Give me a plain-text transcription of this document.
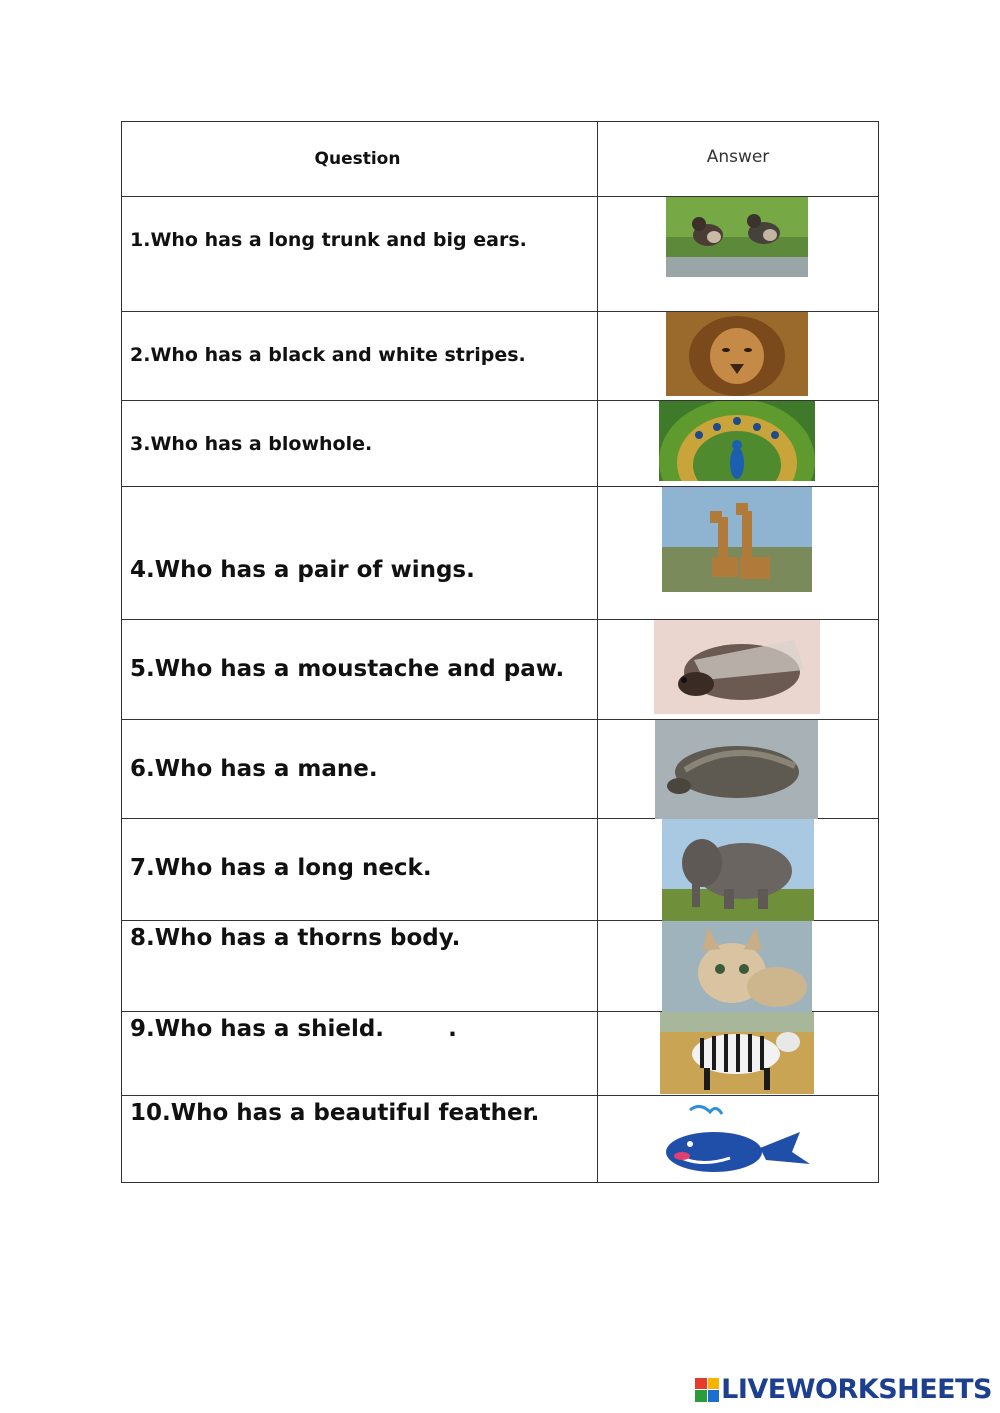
Question	Answer
1.Who has a long trunk and big ears.
2.Who has a black and white stripes.
3.Who has a blowhole.
4.Who has a pair of wings.
5.Who has a moustache and paw.
6.Who has a mane.
7.Who has a long neck.
8.Who has a thorns body.
9.Who has a shield.        .
10.Who has a beautiful feather.
LIVEWORKSHEETS
